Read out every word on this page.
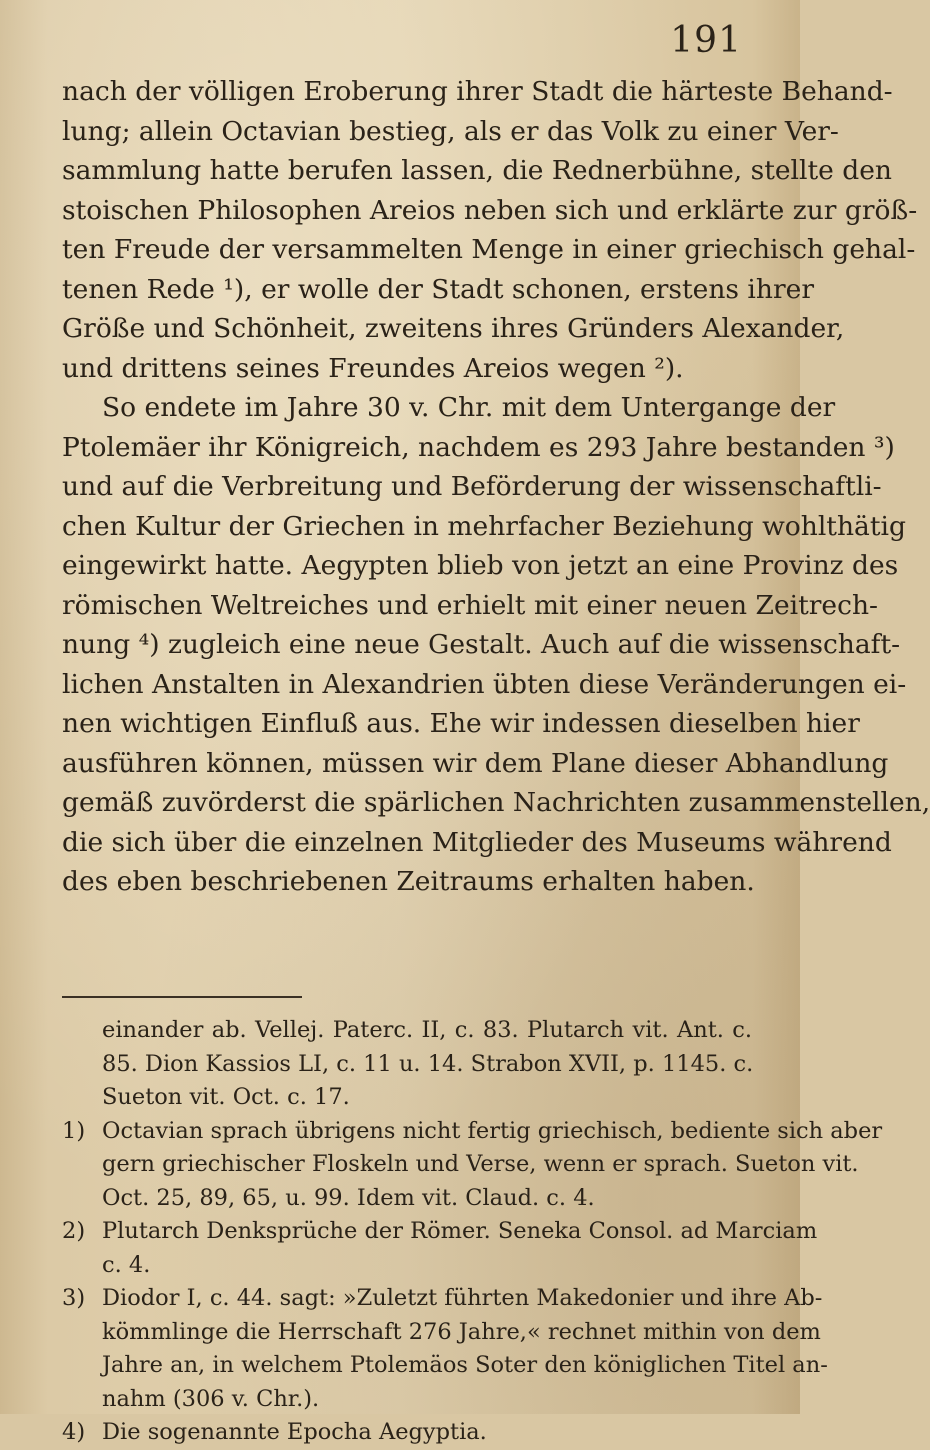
191
nach der völligen Eroberung ihrer Stadt die härteste Behand-
lung; allein Octavian bestieg, als er das Volk zu einer Ver-
sammlung hatte berufen lassen, die Rednerbühne, stellte den
stoischen Philosophen Areios neben sich und erklärte zur größ-
ten Freude der versammelten Menge in einer griechisch gehal-
tenen Rede ¹), er wolle der Stadt schonen, erstens ihrer
Größe und Schönheit, zweitens ihres Gründers Alexander,
und drittens seines Freundes Areios wegen ²).
So endete im Jahre 30 v. Chr. mit dem Untergange der
Ptolemäer ihr Königreich, nachdem es 293 Jahre bestanden ³)
und auf die Verbreitung und Beförderung der wissenschaftli-
chen Kultur der Griechen in mehrfacher Beziehung wohlthätig
eingewirkt hatte. Aegypten blieb von jetzt an eine Provinz des
römischen Weltreiches und erhielt mit einer neuen Zeitrech-
nung ⁴) zugleich eine neue Gestalt. Auch auf die wissenschaft-
lichen Anstalten in Alexandrien übten diese Veränderungen ei-
nen wichtigen Einfluß aus. Ehe wir indessen dieselben hier
ausführen können, müssen wir dem Plane dieser Abhandlung
gemäß zuvörderst die spärlichen Nachrichten zusammenstellen,
die sich über die einzelnen Mitglieder des Museums während
des eben beschriebenen Zeitraums erhalten haben.
einander ab. Vellej. Paterc. II, c. 83. Plutarch vit. Ant. c.
85. Dion Kassios LI, c. 11 u. 14. Strabon XVII, p. 1145. c.
Sueton vit. Oct. c. 17.
1) Octavian sprach übrigens nicht fertig griechisch, bediente sich aber
gern griechischer Floskeln und Verse, wenn er sprach. Sueton vit.
Oct. 25, 89, 65, u. 99. Idem vit. Claud. c. 4.
2) Plutarch Denksprüche der Römer. Seneka Consol. ad Marciam
c. 4.
3) Diodor I, c. 44. sagt: »Zuletzt führten Makedonier und ihre Ab-
kömmlinge die Herrschaft 276 Jahre,« rechnet mithin von dem
Jahre an, in welchem Ptolemäos Soter den königlichen Titel an-
nahm (306 v. Chr.).
4) Die sogenannte Epocha Aegyptia.
